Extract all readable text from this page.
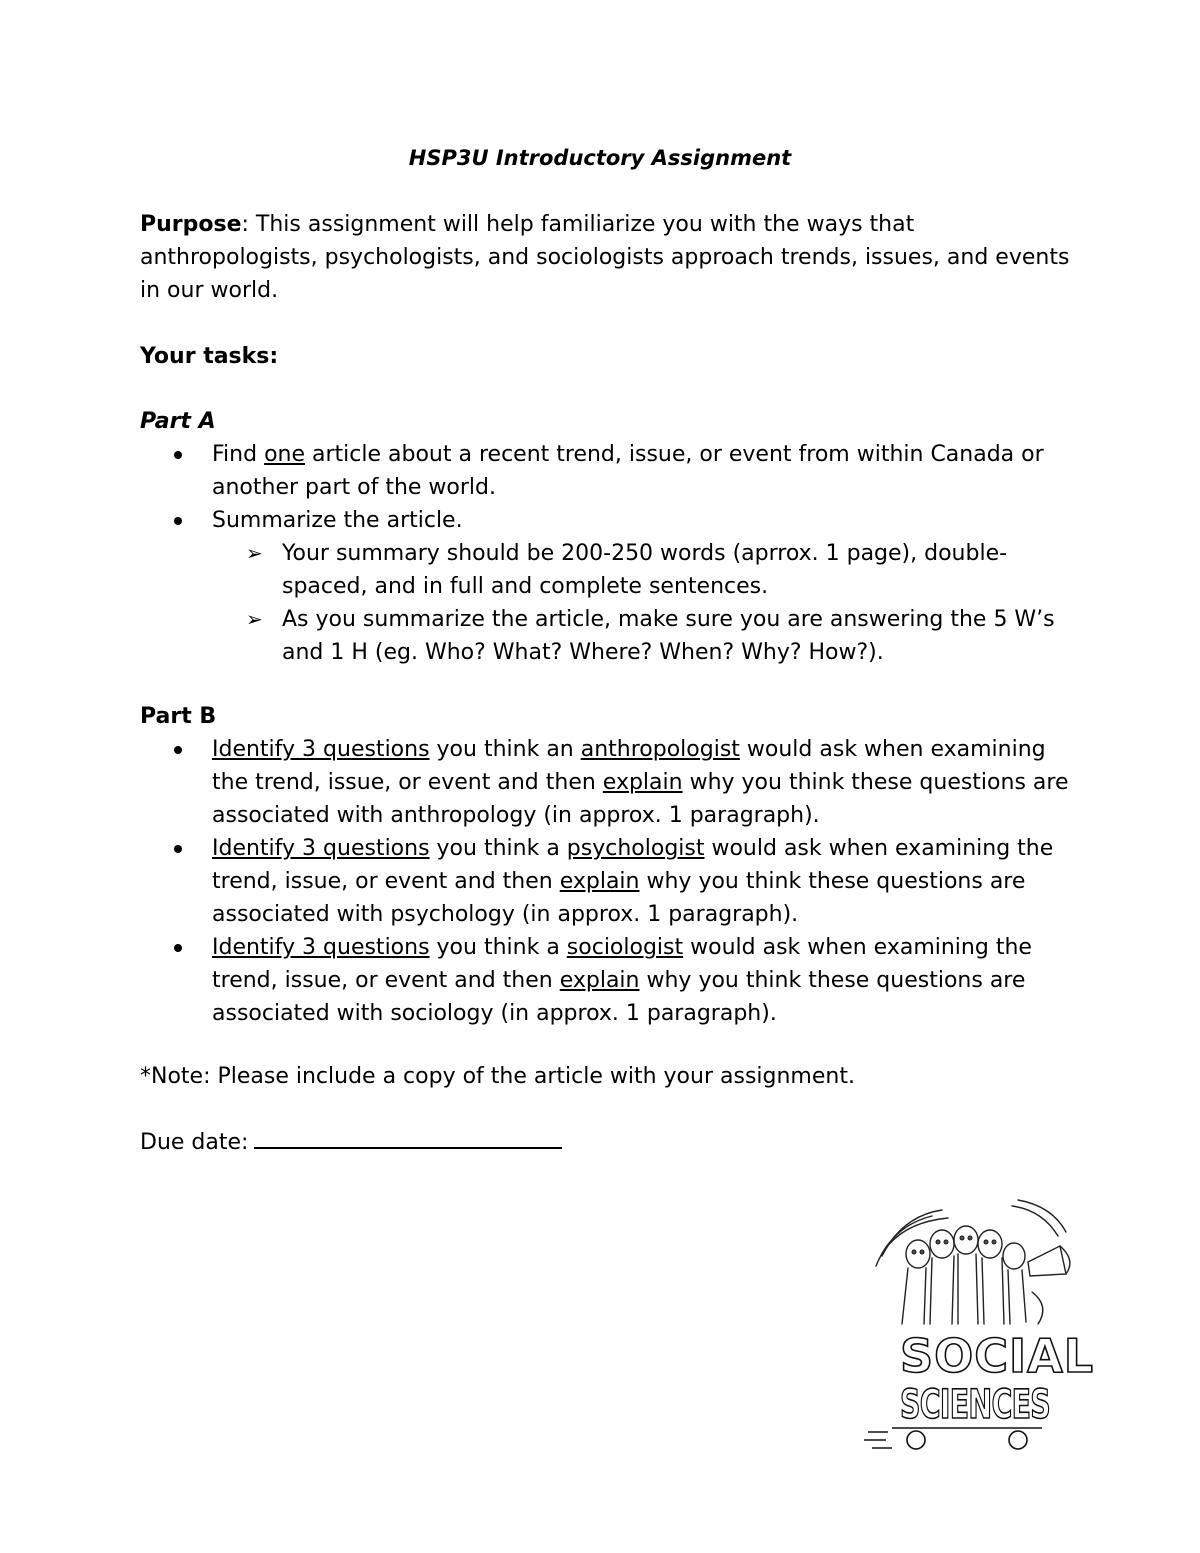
HSP3U Introductory Assignment
Purpose: This assignment will help familiarize you with the ways that anthropologists, psychologists, and sociologists approach trends, issues, and events in our world.
Your tasks:
Part A
Find one article about a recent trend, issue, or event from within Canada or another part of the world.
Summarize the article.
➢ Your summary should be 200-250 words (aprrox. 1 page), double-spaced, and in full and complete sentences.
➢ As you summarize the article, make sure you are answering the 5 W’s and 1 H (eg. Who? What? Where? When? Why? How?).
Part B
Identify 3 questions you think an anthropologist would ask when examining the trend, issue, or event and then explain why you think these questions are associated with anthropology (in approx. 1 paragraph).
Identify 3 questions you think a psychologist would ask when examining the trend, issue, or event and then explain why you think these questions are associated with psychology (in approx. 1 paragraph).
Identify 3 questions you think a sociologist would ask when examining the trend, issue, or event and then explain why you think these questions are associated with sociology (in approx. 1 paragraph).
*Note: Please include a copy of the article with your assignment.
Due date:
SOCIAL
SCIENCES
